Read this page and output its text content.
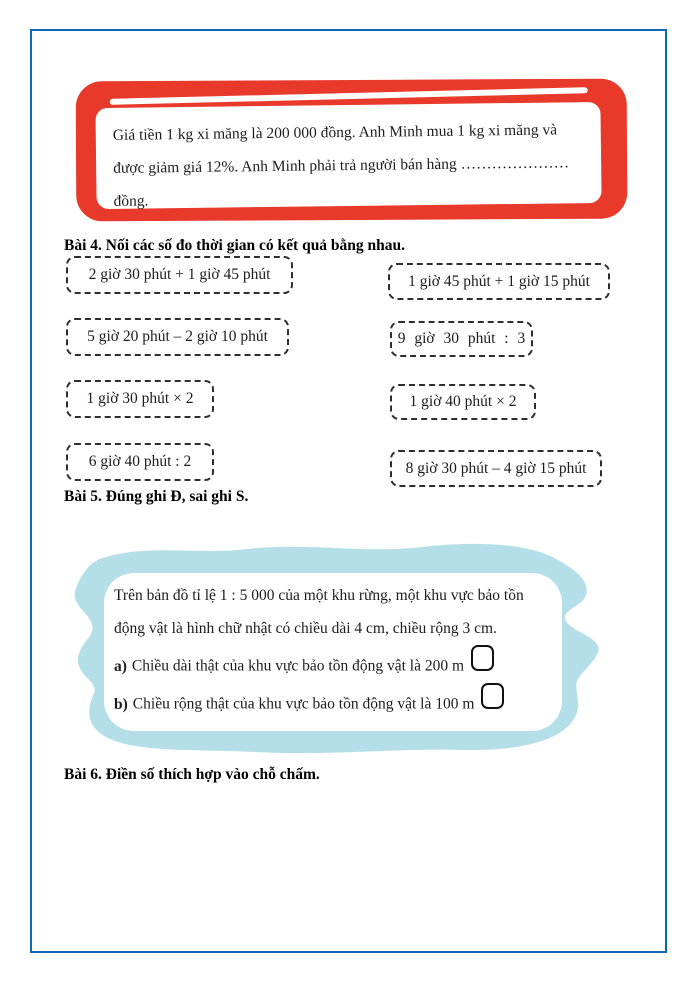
Giá tiền 1 kg xi măng là 200 000 đồng. Anh Minh mua 1 kg xi măng và
được giảm giá 12%. Anh Minh phải trả người bán hàng …………………
đồng.
Bài 4. Nối các số đo thời gian có kết quả bằng nhau.
2 giờ 30 phút + 1 giờ 45 phút
5 giờ 20 phút – 2 giờ 10 phút
1 giờ 30 phút × 2
6 giờ 40 phút : 2
1 giờ 45 phút + 1 giờ 15 phút
9 giờ 30 phút : 3
1 giờ 40 phút × 2
8 giờ 30 phút – 4 giờ 15 phút
Bài 5. Đúng ghi Đ, sai ghi S.
Trên bản đồ tỉ lệ 1 : 5 000 của một khu rừng, một khu vực bảo tồn
động vật là hình chữ nhật có chiều dài 4 cm, chiều rộng 3 cm.
a) Chiều dài thật của khu vực bảo tồn động vật là 200 m
b) Chiều rộng thật của khu vực bảo tồn động vật là 100 m
Bài 6. Điền số thích hợp vào chỗ chấm.
